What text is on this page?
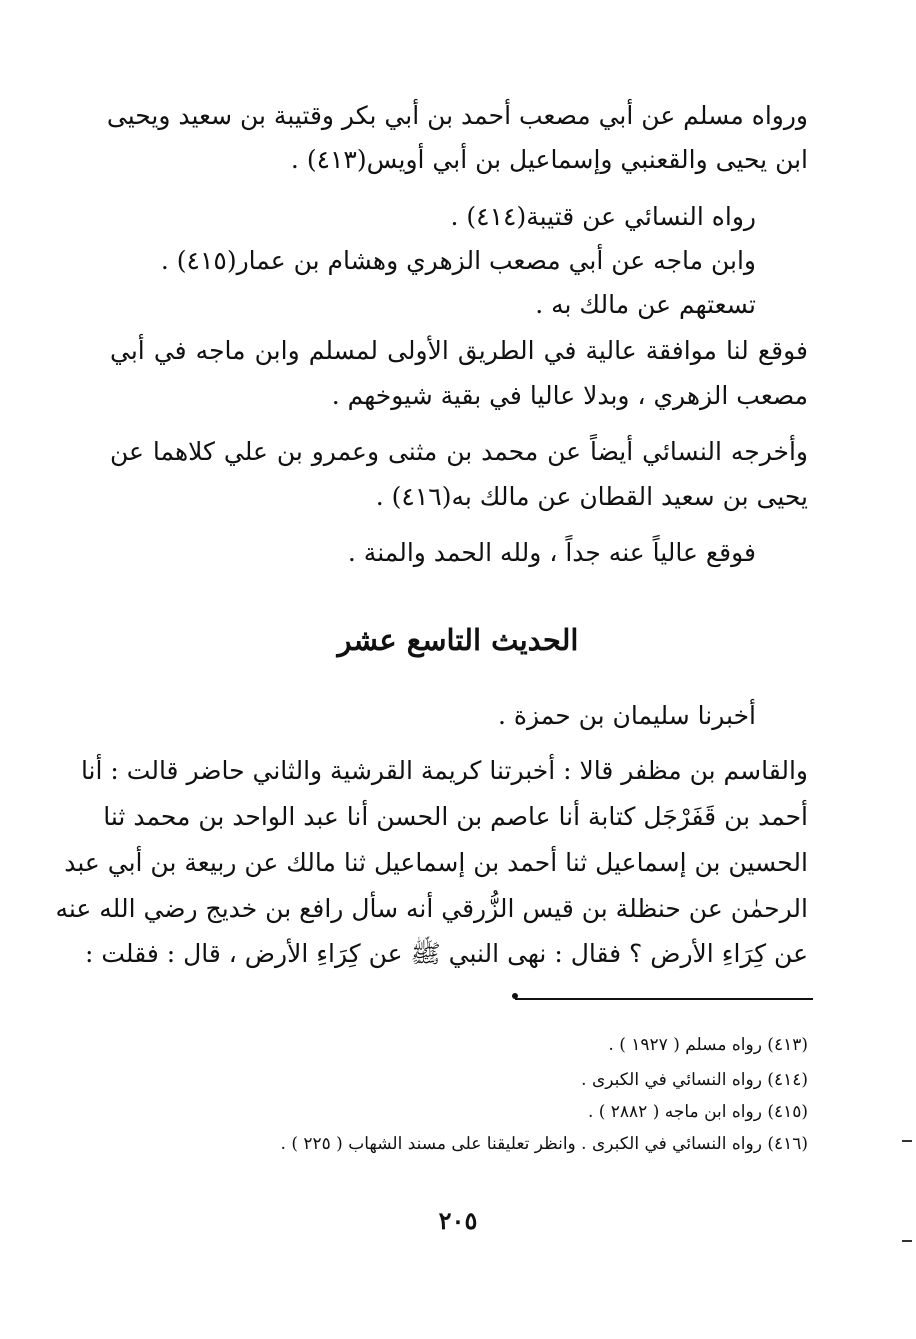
ورواه مسلم عن أبي مصعب أحمد بن أبي بكر وقتيبة بن سعيد ويحيى
ابن يحيى والقعنبي وإسماعيل بن أبي أويس(٤١٣) .
رواه النسائي عن قتيبة(٤١٤) .
وابن ماجه عن أبي مصعب الزهري وهشام بن عمار(٤١٥) .
تسعتهم عن مالك به .
فوقع لنا موافقة عالية في الطريق الأولى لمسلم وابن ماجه في أبي
مصعب الزهري ، وبدلا عاليا في بقية شيوخهم .
وأخرجه النسائي أيضاً عن محمد بن مثنى وعمرو بن علي كلاهما عن
يحيى بن سعيد القطان عن مالك به(٤١٦) .
فوقع عالياً عنه جداً ، ولله الحمد والمنة .
الحديث التاسع عشر
أخبرنا سليمان بن حمزة .
والقاسم بن مظفر قالا : أخبرتنا كريمة القرشية والثاني حاضر قالت : أنا
أحمد بن قَفَرْجَل كتابة أنا عاصم بن الحسن أنا عبد الواحد بن محمد ثنا
الحسين بن إسماعيل ثنا أحمد بن إسماعيل ثنا مالك عن ربيعة بن أبي عبد
الرحمٰن عن حنظلة بن قيس الزُّرقي أنه سأل رافع بن خديج رضي الله عنه
عن كِرَاءِ الأرض ؟ فقال : نهى النبي ﷺ عن كِرَاءِ الأرض ، قال : فقلت :
(٤١٣) رواه مسلم ( ١٩٢٧ ) .
(٤١٤) رواه النسائي في الكبرى .
(٤١٥) رواه ابن ماجه ( ٢٨٨٢ ) .
(٤١٦) رواه النسائي في الكبرى . وانظر تعليقنا على مسند الشهاب ( ٢٢٥ ) .
٢٠٥
